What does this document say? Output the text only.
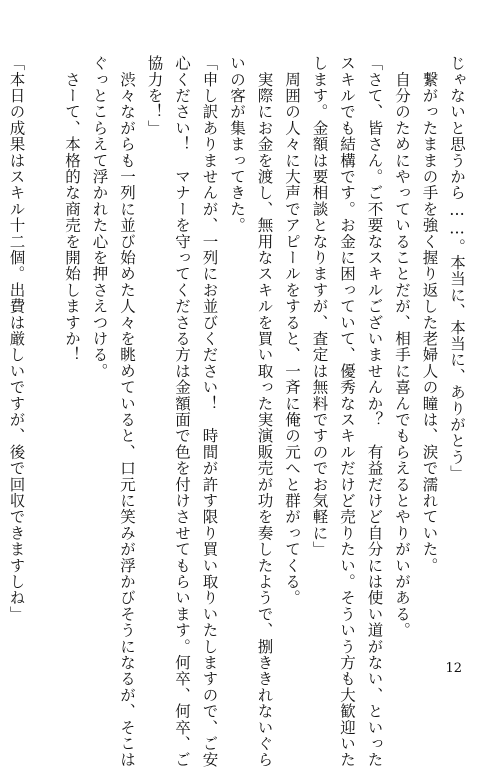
じゃないと思うから……。本当に、本当に、ありがとう」
　繋がったままの手を強く握り返した老婦人の瞳は、涙で濡れていた。
　自分のためにやっていることだが、相手に喜んでもらえるとやりがいがある。
「さて、皆さん。ご不要なスキルございませんか？　有益だけど自分には使い道がない、といった
スキルでも結構です。お金に困っていて、優秀なスキルだけど売りたい。そういう方も大歓迎いた
します。金額は要相談となりますが、査定は無料ですのでお気軽に」
　周囲の人々に大声でアピールをすると、一斉に俺の元へと群がってくる。
　実際にお金を渡し、無用なスキルを買い取った実演販売が功を奏したようで、捌ききれないぐら
いの客が集まってきた。
「申し訳ありませんが、一列にお並びください！　時間が許す限り買い取りいたしますので、ご安
心ください！　マナーを守ってくださる方は金額面で色を付けさせてもらいます。何卒、何卒、ご
協力を！」
　渋々ながらも一列に並び始めた人々を眺めていると、口元に笑みが浮かびそうになるが、そこは
ぐっとこらえて浮かれた心を押さえつける。
　さーて、本格的な商売を開始しますか！
「本日の成果はスキル十二個。出費は厳しいですが、後で回収できますしね」
12
